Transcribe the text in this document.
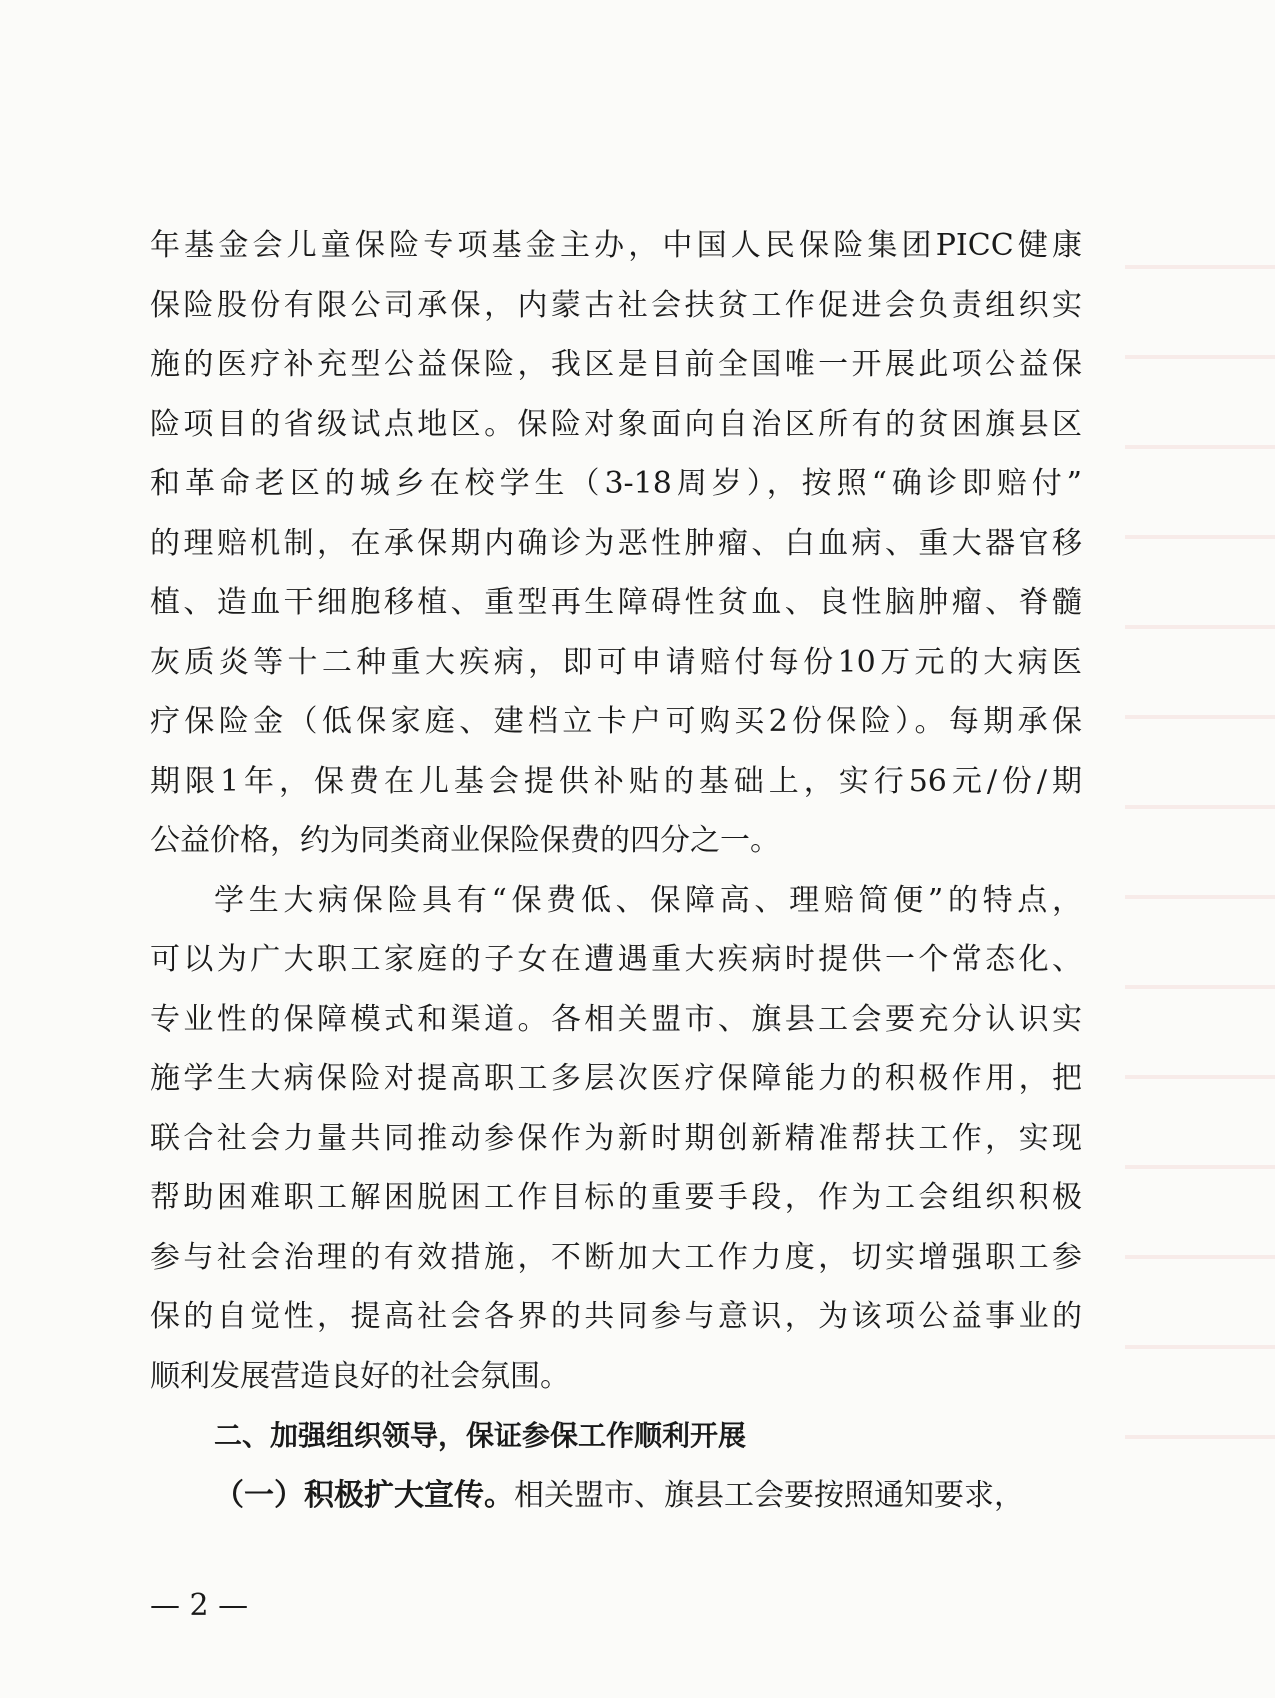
年基金会儿童保险专项基金主办，中国人民保险集团PICC健康
保险股份有限公司承保，内蒙古社会扶贫工作促进会负责组织实
施的医疗补充型公益保险，我区是目前全国唯一开展此项公益保
险项目的省级试点地区。保险对象面向自治区所有的贫困旗县区
和革命老区的城乡在校学生（3-18周岁），按照“确诊即赔付”
的理赔机制，在承保期内确诊为恶性肿瘤、白血病、重大器官移
植、造血干细胞移植、重型再生障碍性贫血、良性脑肿瘤、脊髓
灰质炎等十二种重大疾病，即可申请赔付每份10万元的大病医
疗保险金（低保家庭、建档立卡户可购买2份保险）。每期承保
期限1年，保费在儿基会提供补贴的基础上，实行56元/份/期
公益价格，约为同类商业保险保费的四分之一。
学生大病保险具有“保费低、保障高、理赔简便”的特点，
可以为广大职工家庭的子女在遭遇重大疾病时提供一个常态化、
专业性的保障模式和渠道。各相关盟市、旗县工会要充分认识实
施学生大病保险对提高职工多层次医疗保障能力的积极作用，把
联合社会力量共同推动参保作为新时期创新精准帮扶工作，实现
帮助困难职工解困脱困工作目标的重要手段，作为工会组织积极
参与社会治理的有效措施，不断加大工作力度，切实增强职工参
保的自觉性，提高社会各界的共同参与意识，为该项公益事业的
顺利发展营造良好的社会氛围。
二、加强组织领导，保证参保工作顺利开展
（一）积极扩大宣传。相关盟市、旗县工会要按照通知要求，
— 2 —
